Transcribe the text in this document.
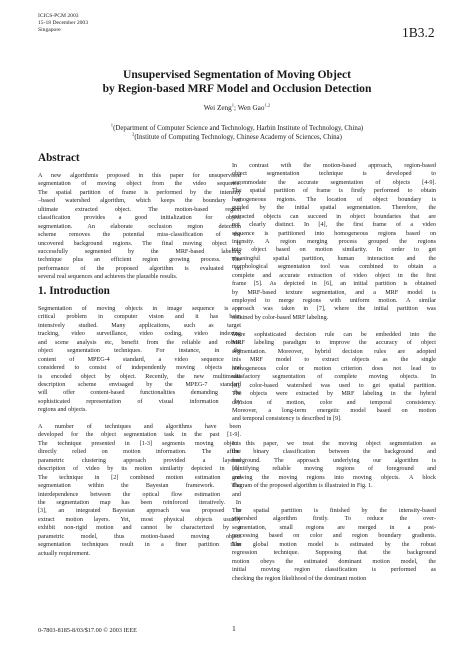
ICICS-PCM 2003
15-18 December 2003
Singapore	1B3.2
Unsupervised Segmentation of Moving Object
by Region-based MRF Model and Occlusion Detection
Wei Zeng$^1$; Wen Gao$^{1,2}$
$^1$(Department of Computer Science and Technology, Harbin Institute of Technology, China)
$^2$(Institute of Computing Technology, Chinese Academy of Sciences, China)
Abstract
A new algorithmis proposed in this paper for unsupervised
segmentation of moving object from the video sequence.
The spatial partition of frame is performed by the intensity
–based watershed algorithm, which keeps the boundary of
ultimate extracted object. The motion-based region
classification provides a good initialization for object
segmentation. An elaborate occlusion region detection
scheme removes the potential miss-classification of the
uncovered background regions. The final moving object is
successfully segmented by the MRF-based labeling
technique plus an efficient region growing process. The
performance of the proposed algorithm is evaluated on
several real sequences and achieves the plausible results.
1. Introduction
Segmentation of moving objects in image sequence is a
critical problem in computer vision and it has been
intensively studied. Many applications, such as target
tracking, video surveillance, video coding, video indexing
and scene analysis etc, benefit from the reliable and robust
object segmentation techniques. For instance, in the
content of MPEG-4 standard, a video sequence is
considered to consist of independently moving objects and
is encoded object by object. Recently, the new multimedia
description scheme envisaged by the MPEG-7 standard
will offer content-based functionalities demanding the
sophisticated representation of visual information by
regions and objects.
A number of techniques and algorithms have been
developed for the object segmentation task in the past [1-9].
The technique presented in [1-3] segments moving objects
directly relied on motion information. The affine
parametric clustering approach provided a layered
description of video by its motion similarity depicted in [1].
The technique in [2] combined motion estimation and
segmentation within the Bayesian framework. The
interdependence between the optical flow estimation and
the segmentation map has been reinforced iteratively. In
[3], an integrated Bayesian approach was proposed to
extract motion layers. Yet, most physical objects usually
exhibit non-rigid motion and cannot be characterized by a
parametric model, thus motion-based moving object
segmentation techniques result in a finer partition than
actually requirement.
In contrast with the motion-based approach, region-based
object segmentation technique is developed to
accommodate the accurate segmentation of objects [4-9].
The spatial partition of frame is firstly performed to obtain
homogeneous regions. The location of object boundary is
guided by the initial spatial segmentation. Therefore, the
extracted objects can succeed in object boundaries that are
not clearly distinct. In [4], the first frame of a video
sequence is partitioned into homogeneous regions based on
intensity. A region merging process grouped the regions
into object based on motion similarity. In order to get
meaningful spatial partition, human interaction and the
morphological segmentation tool was combined to obtain a
complete and accurate extraction of video object in the first
frame [5]. As depicted in [6], an initial partition is obtained
by MRF-based texture segmentation, and a MRF model is
employed to merge regions with uniform motion. A similar
approach was taken in [7], where the initial partition was
obtained by color-based MRF labeling.
More sophisticated decision rule can be embedded into the
MRF labeling paradigm to improve the accuracy of object
segmentation. Moreover, hybrid decision rules are adopted
in MRF model to extract objects as the single
homogeneous color or motion criterion does not lead to
satisfactory segmentation of complete moving objects. In
[8], color-based watershed was used to get spatial partition.
The objects were extracted by MRF labeling in the hybrid
decision of motion, color and temporal consistency.
Moreover, a long-term energetic model based on motion
and temporal consistency is described in [9].
In this paper, we treat the moving object segmentation as
the binary classification between the background and
foreground. The approach underlying our algorithm is
identifying reliable moving regions of foreground and
growing the moving regions into moving objects. A block
diagram of the proposed algorithm is illustrated in Fig. 1.
The spatial partition is finished by the intensity-based
watershed algorithm firstly. To reduce the over-
segmentation, small regions are merged in a post-
processing based on color and region boundary gradients.
The global motion model is estimated by the robust
regression technique. Supposing that the background
motion obeys the estimated dominant motion model, the
initial moving region classification is performed as
checking the region likelihood of the dominant motion
0-7803-8185-8/03/$17.00 © 2003 IEEE	1
